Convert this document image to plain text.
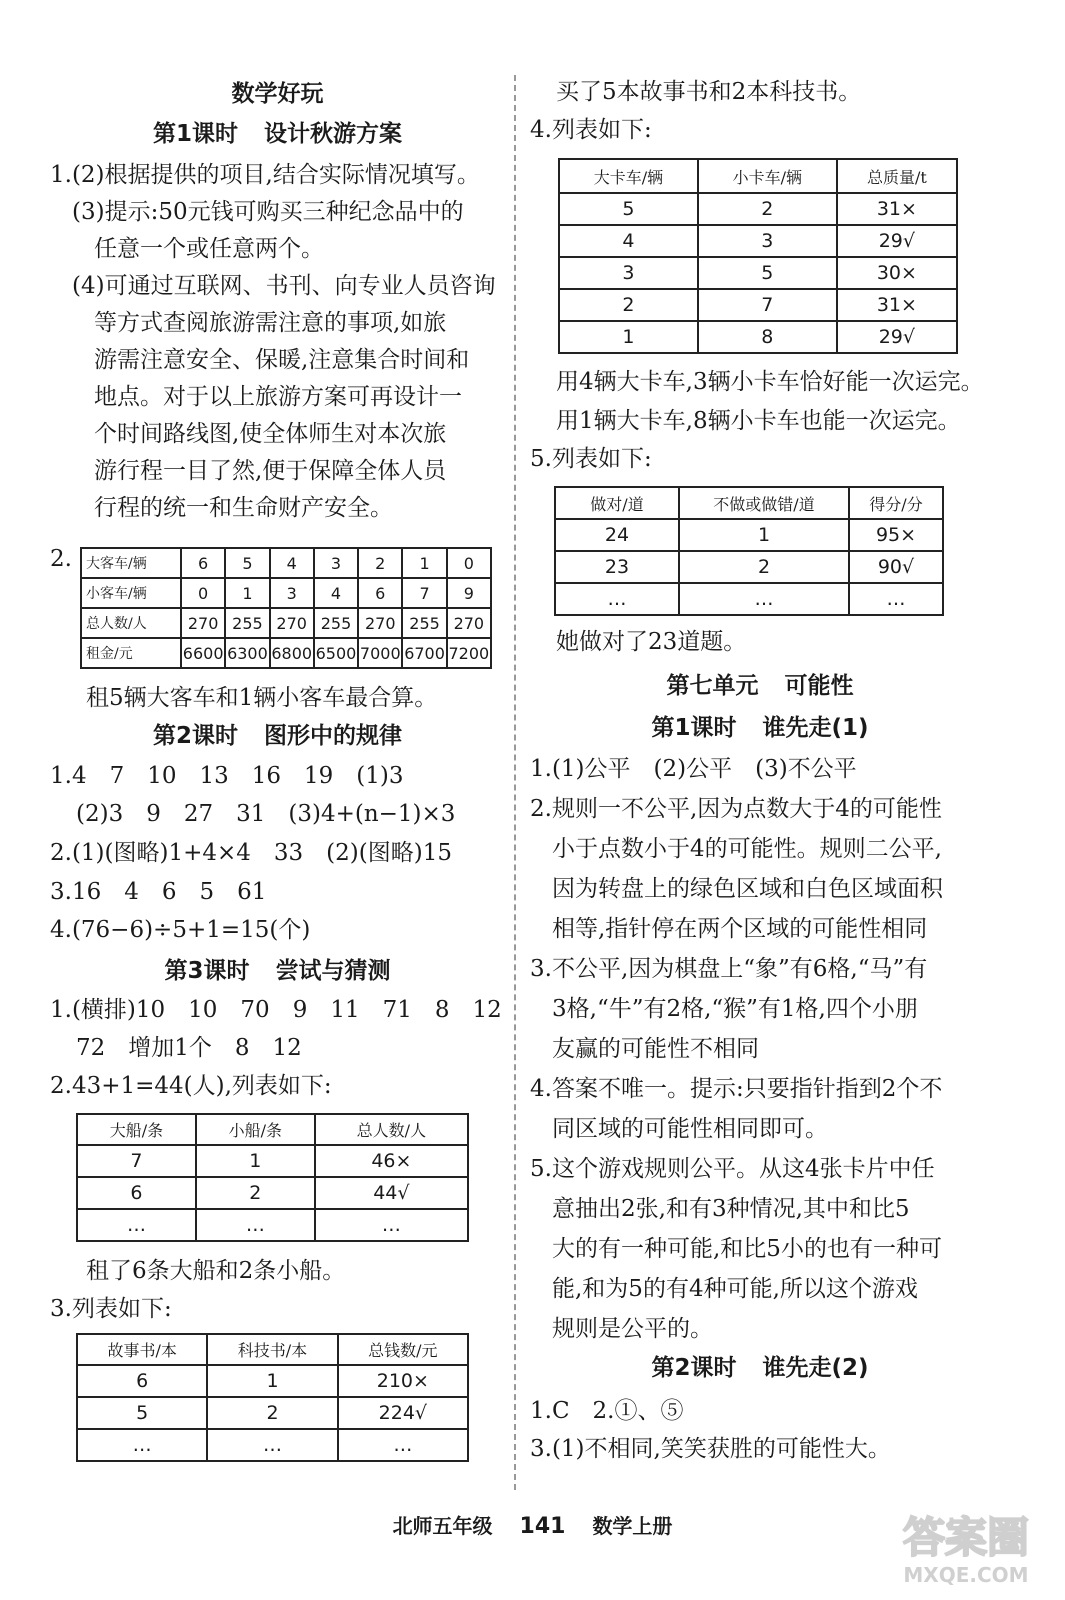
数学好玩
第1课时 设计秋游方案
1.(2)根据提供的项目,结合实际情况填写。
(3)提示:50元钱可购买三种纪念品中的
任意一个或任意两个。
(4)可通过互联网、书刊、向专业人员咨询
等方式查阅旅游需注意的事项,如旅
游需注意安全、保暖,注意集合时间和
地点。对于以上旅游方案可再设计一
个时间路线图,使全体师生对本次旅
游行程一目了然,便于保障全体人员
行程的统一和生命财产安全。
2. 大客车/辆	6	5	4	3	2	1	0
小客车/辆	0	1	3	4	6	7	9
总人数/人	270	255	270	255	270	255	270
租金/元	6600	6300	6800	6500	7000	6700	7200
租5辆大客车和1辆小客车最合算。
第2课时 图形中的规律
1.4　7　10　13　16　19　(1)3
(2)3　9　27　31　(3)4+(n−1)×3
2.(1)(图略)1+4×4　33　(2)(图略)15
3.16　4　6　5　61
4.(76−6)÷5+1=15(个)
第3课时 尝试与猜测
1.(横排)10　10　70　9　11　71　8　12
72　增加1个　8　12
2.43+1=44(人),列表如下:
大船/条	小船/条	总人数/人
7	1	46×
6	2	44√
…	…	…
租了6条大船和2条小船。
3.列表如下:
故事书/本	科技书/本	总钱数/元
6	1	210×
5	2	224√
…	…	…
买了5本故事书和2本科技书。
4.列表如下:
大卡车/辆	小卡车/辆	总质量/t
5	2	31×
4	3	29√
3	5	30×
2	7	31×
1	8	29√
用4辆大卡车,3辆小卡车恰好能一次运完。
用1辆大卡车,8辆小卡车也能一次运完。
5.列表如下:
做对/道	不做或做错/道	得分/分
24	1	95×
23	2	90√
…	…	…
她做对了23道题。
第七单元 可能性
第1课时 谁先走(1)
1.(1)公平　(2)公平　(3)不公平
2.规则一不公平,因为点数大于4的可能性
小于点数小于4的可能性。规则二公平,
因为转盘上的绿色区域和白色区域面积
相等,指针停在两个区域的可能性相同
3.不公平,因为棋盘上“象”有6格,“马”有
3格,“牛”有2格,“猴”有1格,四个小朋
友赢的可能性不相同
4.答案不唯一。提示:只要指针指到2个不
同区域的可能性相同即可。
5.这个游戏规则公平。从这4张卡片中任
意抽出2张,和有3种情况,其中和比5
大的有一种可能,和比5小的也有一种可
能,和为5的有4种可能,所以这个游戏
规则是公平的。
第2课时 谁先走(2)
1.C　2.①、⑤
3.(1)不相同,笑笑获胜的可能性大。
北师五年级 141 数学上册	答案圈
MXQE.COM
